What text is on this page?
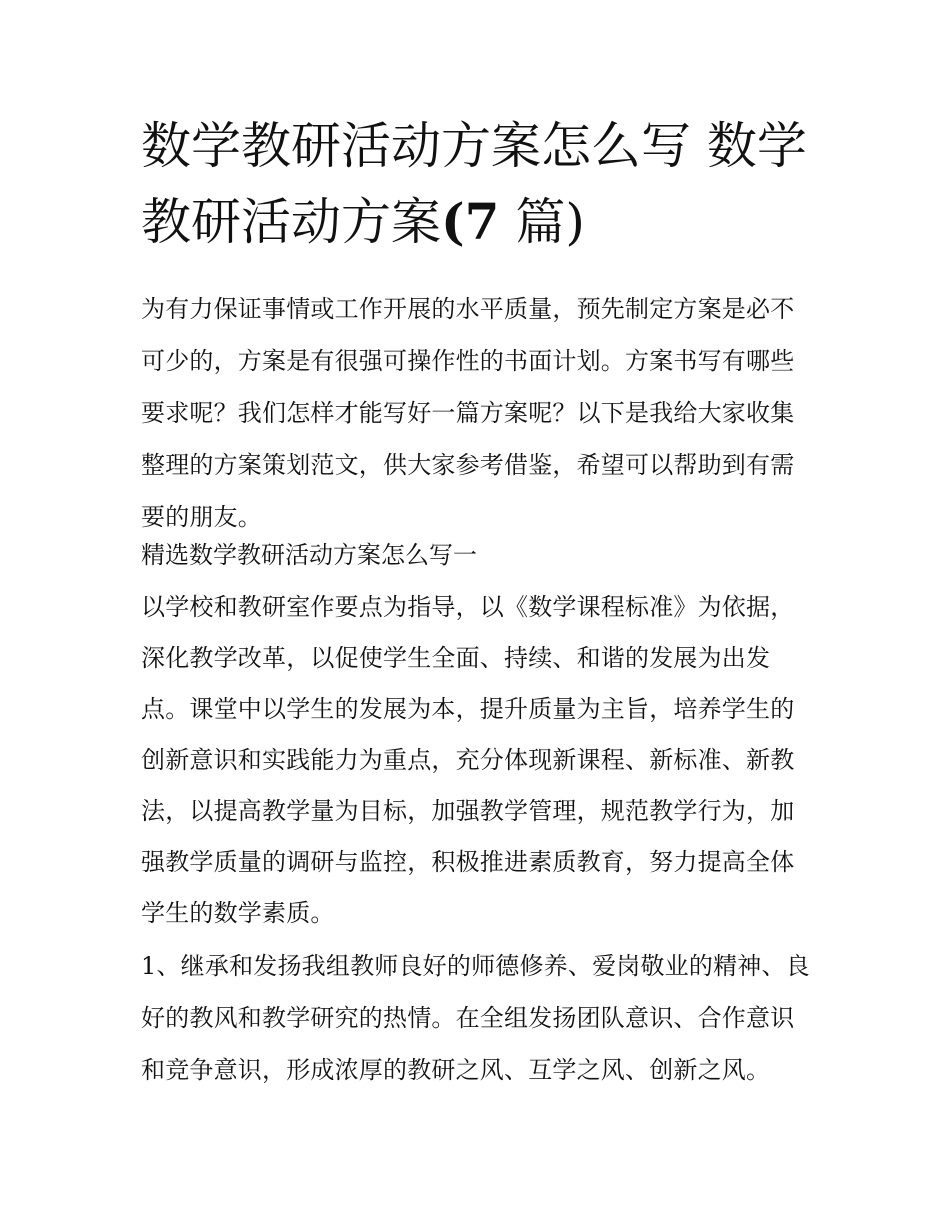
数学教研活动方案怎么写 数学教研活动方案(7 篇)

为有力保证事情或工作开展的水平质量，预先制定方案是必不可少的，方案是有很强可操作性的书面计划。方案书写有哪些要求呢？我们怎样才能写好一篇方案呢？以下是我给大家收集整理的方案策划范文，供大家参考借鉴，希望可以帮助到有需要的朋友。

精选数学教研活动方案怎么写一

以学校和教研室作要点为指导，以《数学课程标准》为依据，深化教学改革，以促使学生全面、持续、和谐的发展为出发点。课堂中以学生的发展为本，提升质量为主旨，培养学生的创新意识和实践能力为重点，充分体现新课程、新标准、新教法，以提高教学量为目标，加强教学管理，规范教学行为，加强教学质量的调研与监控，积极推进素质教育，努力提高全体学生的数学素质。

1、继承和发扬我组教师良好的师德修养、爱岗敬业的精神、良好的教风和教学研究的热情。在全组发扬团队意识、合作意识和竞争意识，形成浓厚的教研之风、互学之风、创新之风。
